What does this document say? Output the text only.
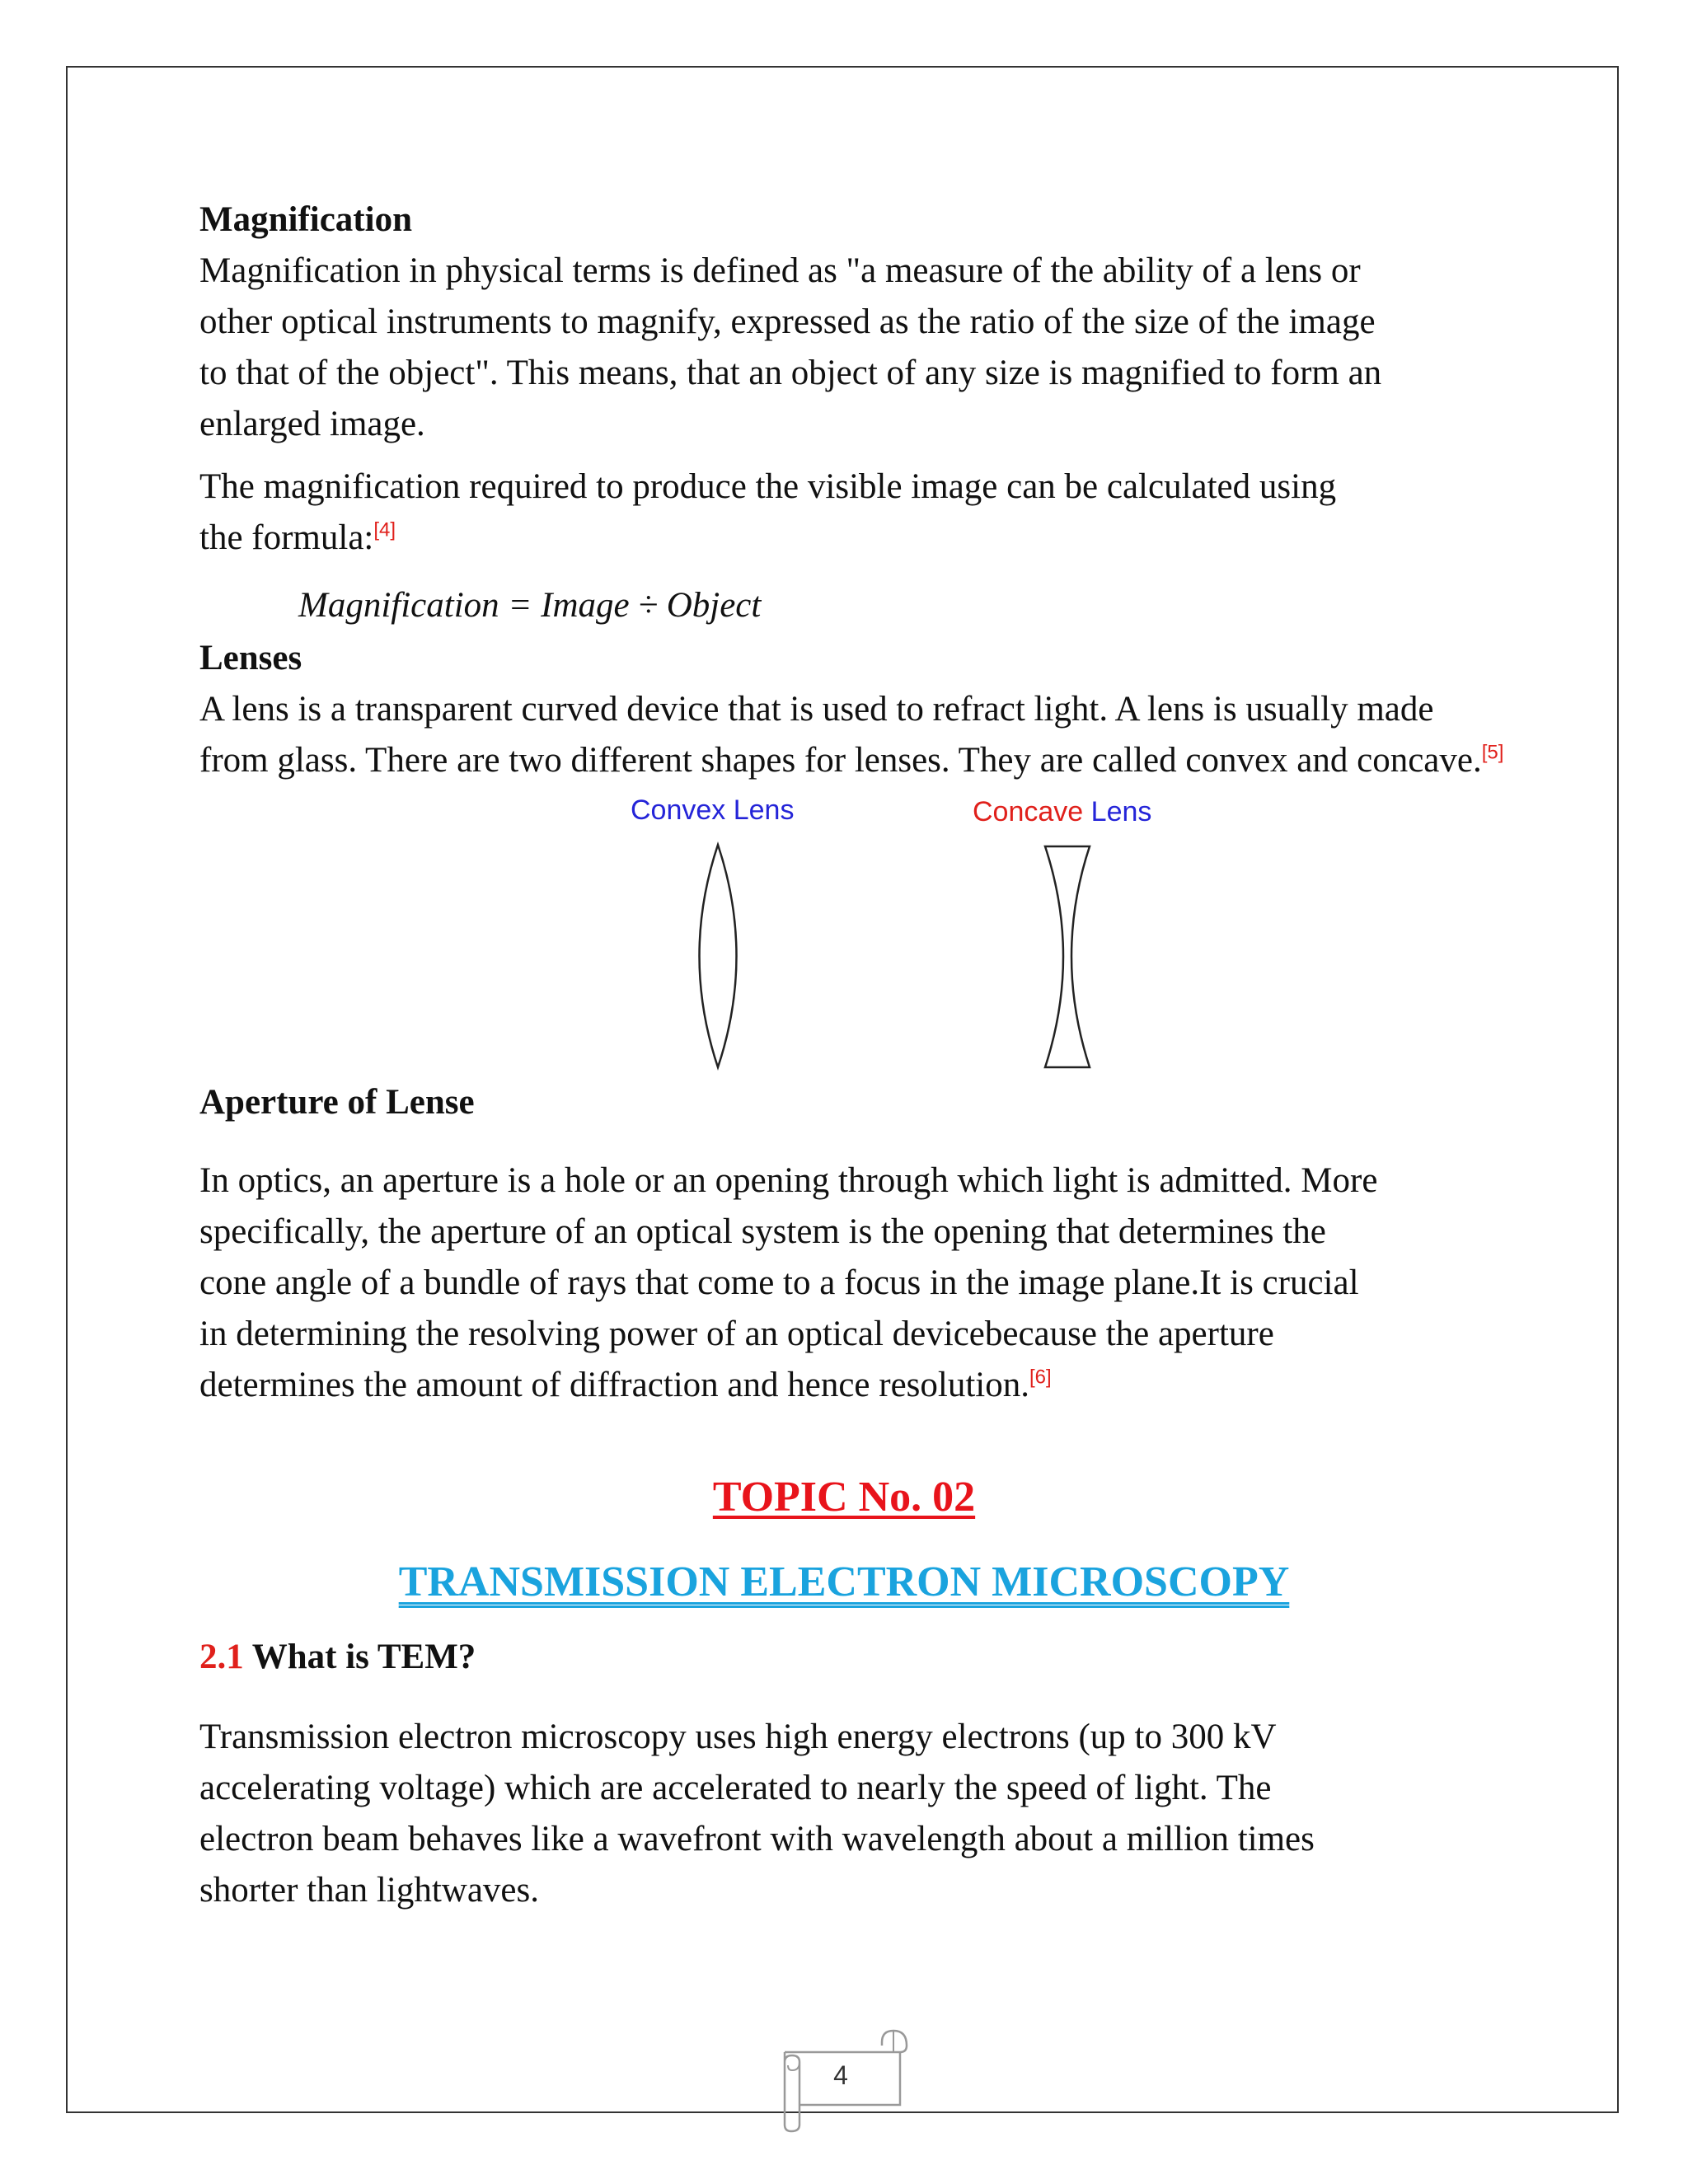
Magnification
Magnification in physical terms is defined as "a measure of the ability of a lens or
other optical instruments to magnify, expressed as the ratio of the size of the image
to that of the object". This means, that an object of any size is magnified to form an
enlarged image.
The magnification required to produce the visible image can be calculated using
the formula:[4]
Magnification = Image ÷ Object
Lenses
A lens is a transparent curved device that is used to refract light. A lens is usually made
from glass. There are two different shapes for lenses. They are called convex and concave.[5]
Convex Lens	Concave Lens
Aperture of Lense
In optics, an aperture is a hole or an opening through which light is admitted. More
specifically, the aperture of an optical system is the opening that determines the
cone angle of a bundle of rays that come to a focus in the image plane.It is crucial
in determining the resolving power of an optical devicebecause the aperture
determines the amount of diffraction and hence resolution.[6]
TOPIC No. 02
TRANSMISSION ELECTRON MICROSCOPY
2.1 What is TEM?
Transmission electron microscopy uses high energy electrons (up to 300 kV
accelerating voltage) which are accelerated to nearly the speed of light. The
electron beam behaves like a wavefront with wavelength about a million times
shorter than lightwaves.
4
